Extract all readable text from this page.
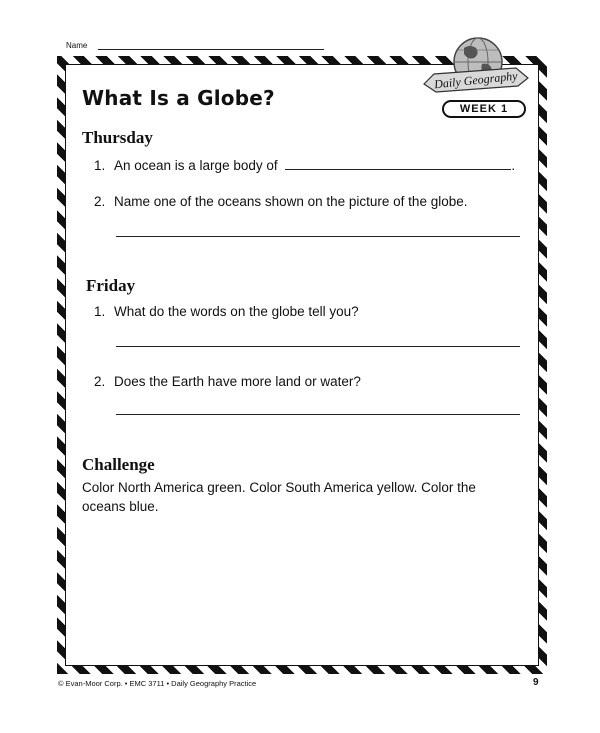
Name
What Is a Globe?
Daily Geography
WEEK 1
Thursday
1. An ocean is a large body of	.
2. Name one of the oceans shown on the picture of the globe.
Friday
1. What do the words on the globe tell you?
2. Does the Earth have more land or water?
Challenge
Color North America green. Color South America yellow. Color the oceans blue.
© Evan-Moor Corp. • EMC 3711 • Daily Geography Practice	9
